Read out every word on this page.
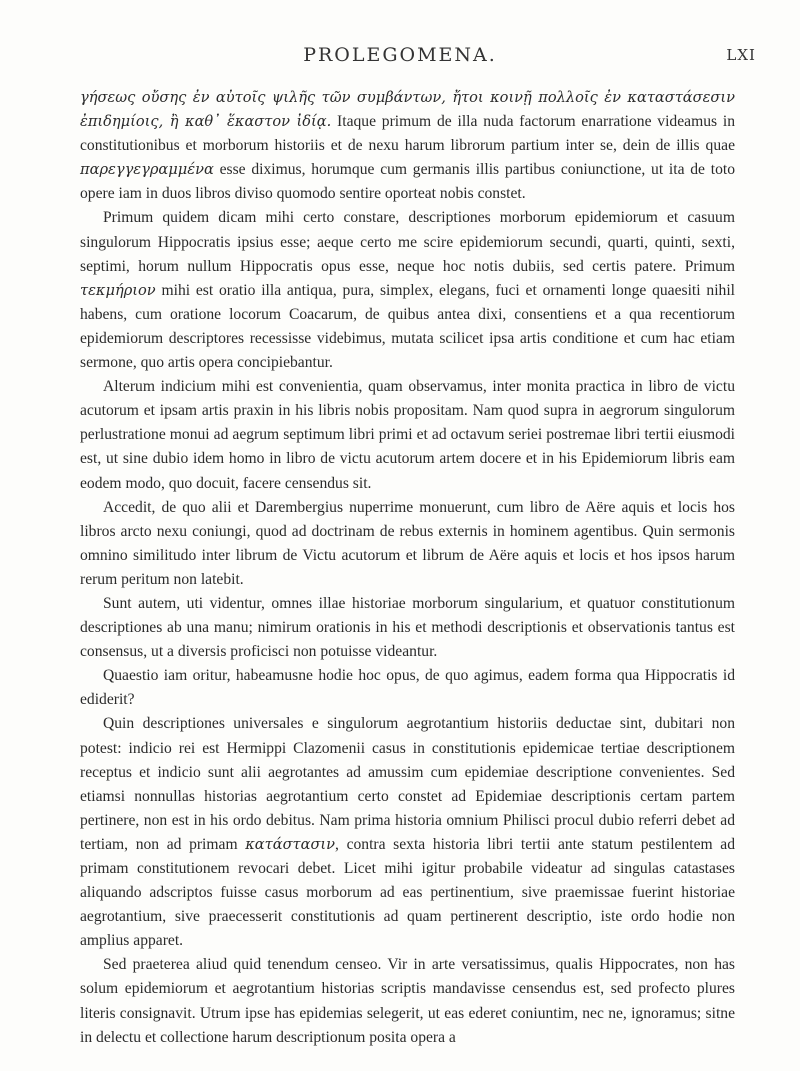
PROLEGOMENA.	LXI

γήσεως οὔσης ἐν αὐτοῖς ψιλῆς τῶν συμβάντων, ἤτοι κοινῇ πολλοῖς ἐν καταστάσεσιν ἐπιδημίοις, ἢ καθ᾽ ἕκαστον ἰδίᾳ. Itaque primum de illa nuda factorum enarratione videamus in constitutionibus et morborum historiis et de nexu harum librorum partium inter se, dein de illis quae παρεγγεγραμμένα esse diximus, horumque cum germanis illis partibus coniunctione, ut ita de toto opere iam in duos libros diviso quomodo sentire oporteat nobis constet.

Primum quidem dicam mihi certo constare, descriptiones morborum epidemiorum et casuum singulorum Hippocratis ipsius esse; aeque certo me scire epidemiorum secundi, quarti, quinti, sexti, septimi, horum nullum Hippocratis opus esse, neque hoc notis dubiis, sed certis patere. Primum τεκμήριον mihi est oratio illa antiqua, pura, simplex, elegans, fuci et ornamenti longe quaesiti nihil habens, cum oratione locorum Coacarum, de quibus antea dixi, consentiens et a qua recentiorum epidemiorum descriptores recessisse videbimus, mutata scilicet ipsa artis conditione et cum hac etiam sermone, quo artis opera concipiebantur.

Alterum indicium mihi est convenientia, quam observamus, inter monita practica in libro de victu acutorum et ipsam artis praxin in his libris nobis propositam. Nam quod supra in aegrorum singulorum perlustratione monui ad aegrum septimum libri primi et ad octavum seriei postremae libri tertii eiusmodi est, ut sine dubio idem homo in libro de victu acutorum artem docere et in his Epidemiorum libris eam eodem modo, quo docuit, facere censendus sit.

Accedit, de quo alii et Darembergius nuperrime monuerunt, cum libro de Aëre aquis et locis hos libros arcto nexu coniungi, quod ad doctrinam de rebus externis in hominem agentibus. Quin sermonis omnino similitudo inter librum de Victu acutorum et librum de Aëre aquis et locis et hos ipsos harum rerum peritum non latebit.

Sunt autem, uti videntur, omnes illae historiae morborum singularium, et quatuor constitutionum descriptiones ab una manu; nimirum orationis in his et methodi descriptionis et observationis tantus est consensus, ut a diversis proficisci non potuisse videantur.

Quaestio iam oritur, habeamusne hodie hoc opus, de quo agimus, eadem forma qua Hippocratis id ediderit?

Quin descriptiones universales e singulorum aegrotantium historiis deductae sint, dubitari non potest: indicio rei est Hermippi Clazomenii casus in constitutionis epidemicae tertiae descriptionem receptus et indicio sunt alii aegrotantes ad amussim cum epidemiae descriptione convenientes. Sed etiamsi nonnullas historias aegrotantium certo constet ad Epidemiae descriptionis certam partem pertinere, non est in his ordo debitus. Nam prima historia omnium Philisci procul dubio referri debet ad tertiam, non ad primam κατάστασιν, contra sexta historia libri tertii ante statum pestilentem ad primam constitutionem revocari debet. Licet mihi igitur probabile videatur ad singulas catastases aliquando adscriptos fuisse casus morborum ad eas pertinentium, sive praemissae fuerint historiae aegrotantium, sive praecesserit constitutionis ad quam pertinerent descriptio, iste ordo hodie non amplius apparet.

Sed praeterea aliud quid tenendum censeo. Vir in arte versatissimus, qualis Hippocrates, non has solum epidemiorum et aegrotantium historias scriptis mandavisse censendus est, sed profecto plures literis consignavit. Utrum ipse has epidemias selegerit, ut eas ederet coniuntim, nec ne, ignoramus; sitne in delectu et collectione harum descriptionum posita opera a
